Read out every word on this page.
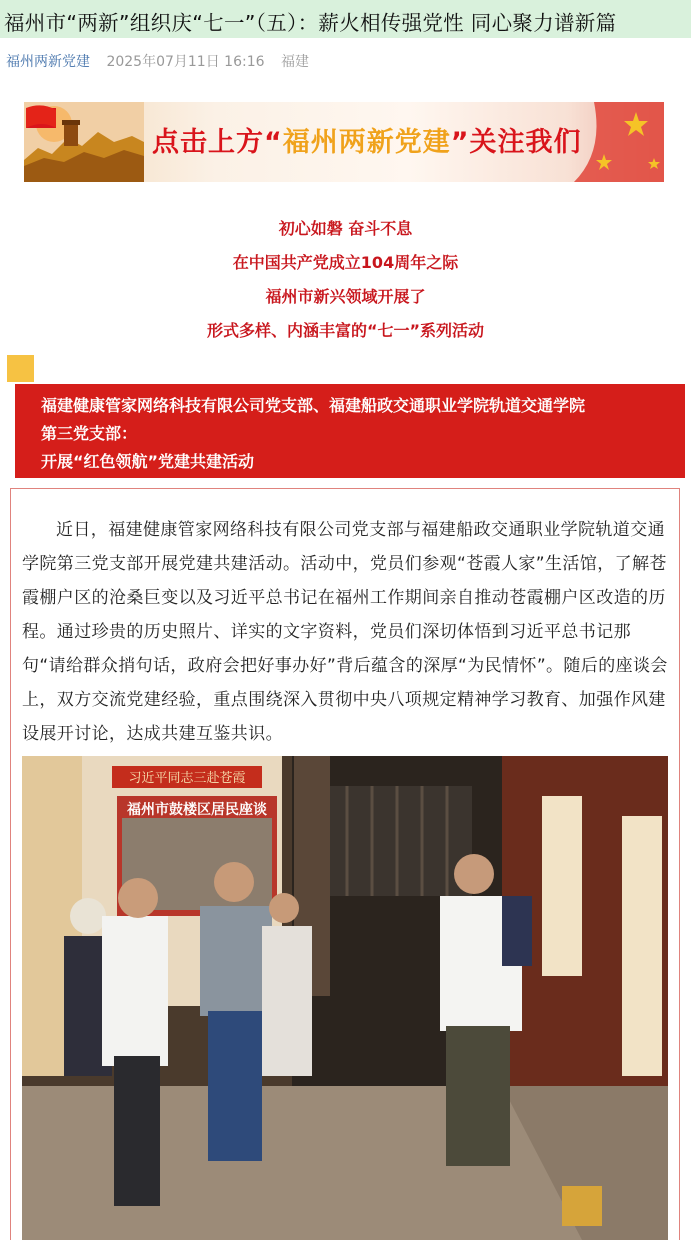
福州市“两新”组织庆“七一”（五）：薪火相传强党性 同心聚力谱新篇
福州两新党建 2025年07月11日 16:16 福建
点击上方“福州两新党建”关注我们
初心如磐 奋斗不息
在中国共产党成立104周年之际
福州市新兴领域开展了
形式多样、内涵丰富的“七一”系列活动
福建健康管家网络科技有限公司党支部、福建船政交通职业学院轨道交通学院
第三党支部：
开展“红色领航”党建共建活动
近日，福建健康管家网络科技有限公司党支部与福建船政交通职业学院轨道交通学院第三党支部开展党建共建活动。活动中，党员们参观“苍霞人家”生活馆，了解苍霞棚户区的沧桑巨变以及习近平总书记在福州工作期间亲自推动苍霞棚户区改造的历程。通过珍贵的历史照片、详实的文字资料，党员们深切体悟到习近平总书记那句“请给群众捎句话，政府会把好事办好”背后蕴含的深厚“为民情怀”。随后的座谈会上，双方交流党建经验，重点围绕深入贯彻中央八项规定精神学习教育、加强作风建设展开讨论，达成共建互鉴共识。
习近平同志三赴苍霞
福州市鼓楼区居民座谈
